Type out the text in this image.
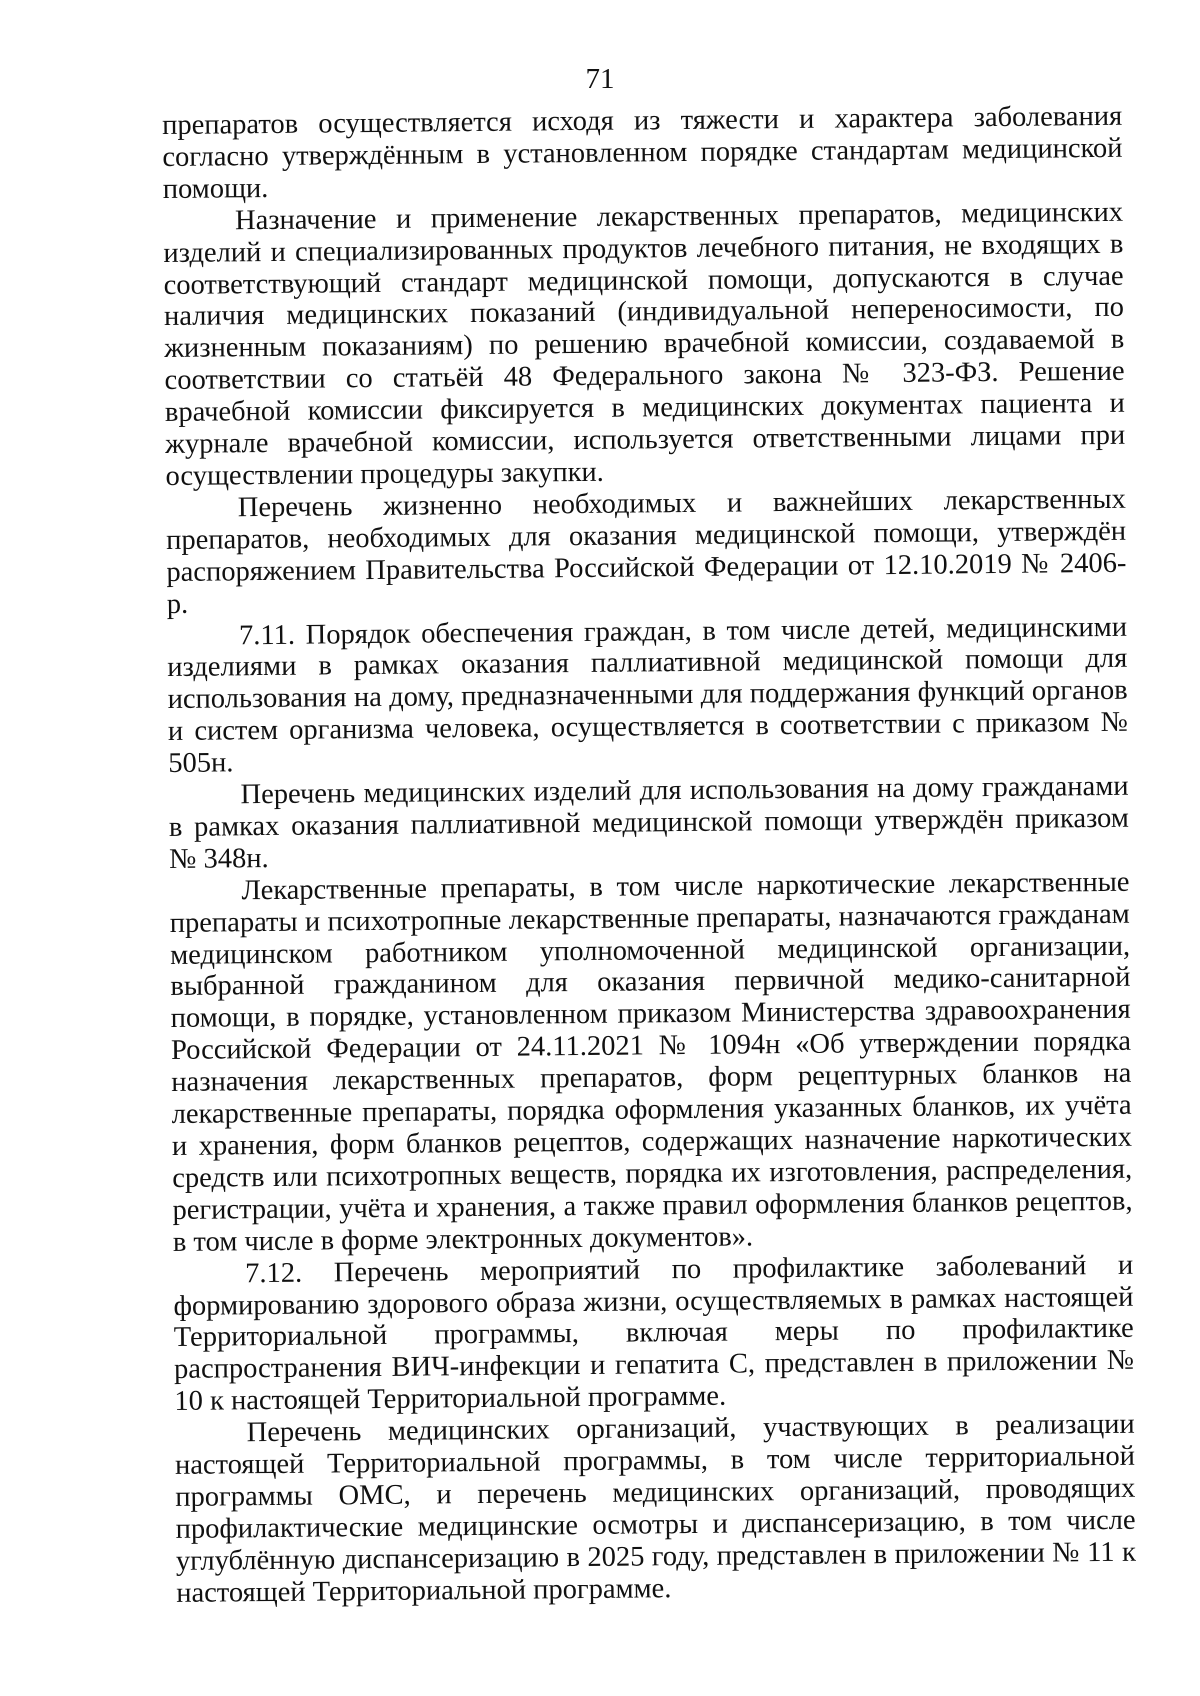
71

препаратов осуществляется исходя из тяжести и характера заболевания согласно утверждённым в установленном порядке стандартам медицинской помощи.

Назначение и применение лекарственных препаратов, медицинских изделий и специализированных продуктов лечебного питания, не входящих в соответствующий стандарт медицинской помощи, допускаются в случае наличия медицинских показаний (индивидуальной непереносимости, по жизненным показаниям) по решению врачебной комиссии, создаваемой в соответствии со статьёй 48 Федерального закона № 323-ФЗ. Решение врачебной комиссии фиксируется в медицинских документах пациента и журнале врачебной комиссии, используется ответственными лицами при осуществлении процедуры закупки.

Перечень жизненно необходимых и важнейших лекарственных препаратов, необходимых для оказания медицинской помощи, утверждён распоряжением Правительства Российской Федерации от 12.10.2019 № 2406-р.

7.11. Порядок обеспечения граждан, в том числе детей, медицинскими изделиями в рамках оказания паллиативной медицинской помощи для использования на дому, предназначенными для поддержания функций органов и систем организма человека, осуществляется в соответствии с приказом № 505н.

Перечень медицинских изделий для использования на дому гражданами в рамках оказания паллиативной медицинской помощи утверждён приказом № 348н.

Лекарственные препараты, в том числе наркотические лекарственные препараты и психотропные лекарственные препараты, назначаются гражданам медицинском работником уполномоченной медицинской организации, выбранной гражданином для оказания первичной медико-санитарной помощи, в порядке, установленном приказом Министерства здравоохранения Российской Федерации от 24.11.2021 № 1094н «Об утверждении порядка назначения лекарственных препаратов, форм рецептурных бланков на лекарственные препараты, порядка оформления указанных бланков, их учёта и хранения, форм бланков рецептов, содержащих назначение наркотических средств или психотропных веществ, порядка их изготовления, распределения, регистрации, учёта и хранения, а также правил оформления бланков рецептов, в том числе в форме электронных документов».

7.12. Перечень мероприятий по профилактике заболеваний и формированию здорового образа жизни, осуществляемых в рамках настоящей Территориальной программы, включая меры по профилактике распространения ВИЧ-инфекции и гепатита С, представлен в приложении № 10 к настоящей Территориальной программе.

Перечень медицинских организаций, участвующих в реализации настоящей Территориальной программы, в том числе территориальной программы ОМС, и перечень медицинских организаций, проводящих профилактические медицинские осмотры и диспансеризацию, в том числе углублённую диспансеризацию в 2025 году, представлен в приложении № 11 к настоящей Территориальной программе.
